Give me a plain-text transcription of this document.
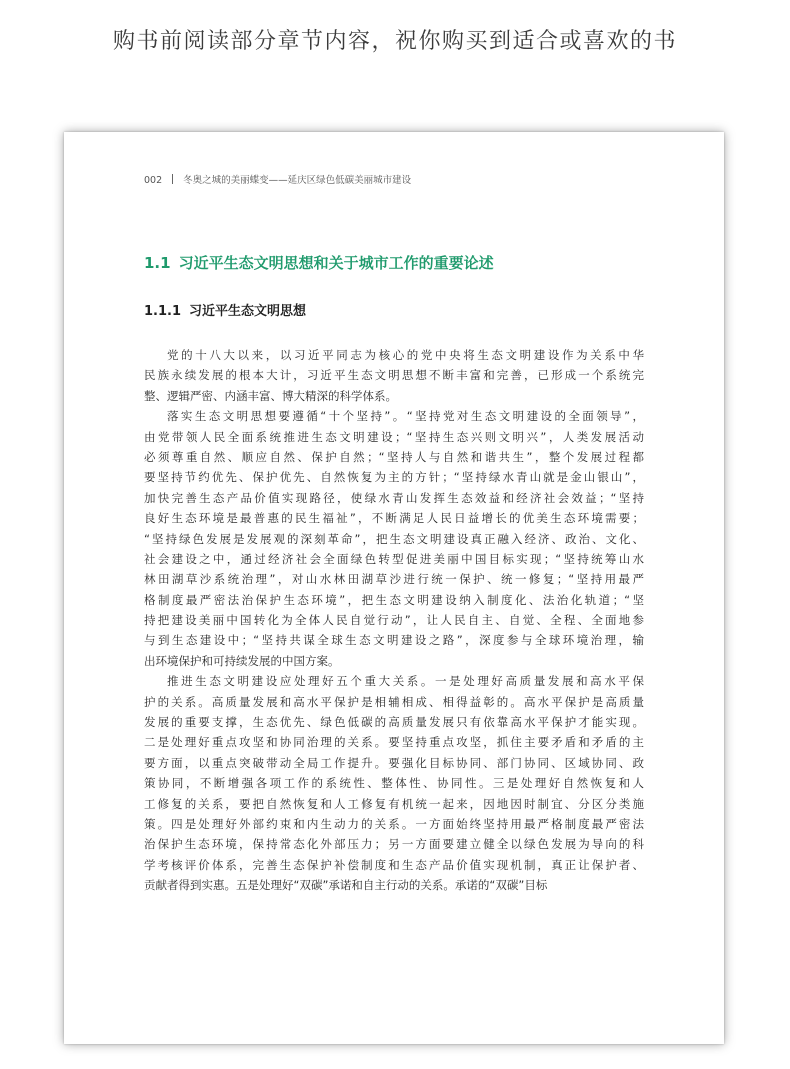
购书前阅读部分章节内容，祝你购买到适合或喜欢的书
002 冬奥之城的美丽蝶变——延庆区绿色低碳美丽城市建设
1.1 习近平生态文明思想和关于城市工作的重要论述
1.1.1 习近平生态文明思想
党的十八大以来，以习近平同志为核心的党中央将生态文明建设作为关系中华
民族永续发展的根本大计，习近平生态文明思想不断丰富和完善，已形成一个系统完
整、逻辑严密、内涵丰富、博大精深的科学体系。
落实生态文明思想要遵循“十个坚持”。“坚持党对生态文明建设的全面领导”，
由党带领人民全面系统推进生态文明建设；“坚持生态兴则文明兴”，人类发展活动
必须尊重自然、顺应自然、保护自然；“坚持人与自然和谐共生”，整个发展过程都
要坚持节约优先、保护优先、自然恢复为主的方针；“坚持绿水青山就是金山银山”，
加快完善生态产品价值实现路径，使绿水青山发挥生态效益和经济社会效益；“坚持
良好生态环境是最普惠的民生福祉”，不断满足人民日益增长的优美生态环境需要；
“坚持绿色发展是发展观的深刻革命”，把生态文明建设真正融入经济、政治、文化、
社会建设之中，通过经济社会全面绿色转型促进美丽中国目标实现；“坚持统筹山水
林田湖草沙系统治理”，对山水林田湖草沙进行统一保护、统一修复；“坚持用最严
格制度最严密法治保护生态环境”，把生态文明建设纳入制度化、法治化轨道；“坚
持把建设美丽中国转化为全体人民自觉行动”，让人民自主、自觉、全程、全面地参
与到生态建设中；“坚持共谋全球生态文明建设之路”，深度参与全球环境治理，输
出环境保护和可持续发展的中国方案。
推进生态文明建设应处理好五个重大关系。一是处理好高质量发展和高水平保
护的关系。高质量发展和高水平保护是相辅相成、相得益彰的。高水平保护是高质量
发展的重要支撑，生态优先、绿色低碳的高质量发展只有依靠高水平保护才能实现。
二是处理好重点攻坚和协同治理的关系。要坚持重点攻坚，抓住主要矛盾和矛盾的主
要方面，以重点突破带动全局工作提升。要强化目标协同、部门协同、区域协同、政
策协同，不断增强各项工作的系统性、整体性、协同性。三是处理好自然恢复和人
工修复的关系，要把自然恢复和人工修复有机统一起来，因地因时制宜、分区分类施
策。四是处理好外部约束和内生动力的关系。一方面始终坚持用最严格制度最严密法
治保护生态环境，保持常态化外部压力；另一方面要建立健全以绿色发展为导向的科
学考核评价体系，完善生态保护补偿制度和生态产品价值实现机制，真正让保护者、
贡献者得到实惠。五是处理好“双碳”承诺和自主行动的关系。承诺的“双碳”目标
